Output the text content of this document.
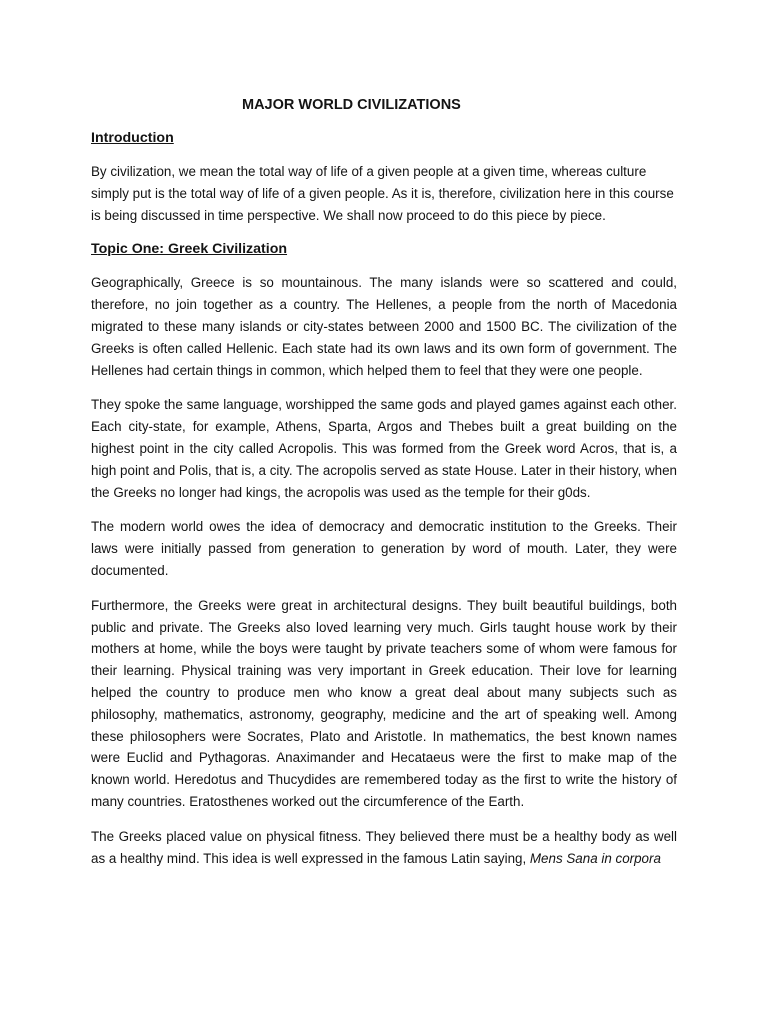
MAJOR WORLD CIVILIZATIONS
Introduction

By civilization, we mean the total way of life of a given people at a given time, whereas culture simply put is the total way of life of a given people. As it is, therefore, civilization here in this course is being discussed in time perspective. We shall now proceed to do this piece by piece.

Topic One: Greek Civilization

Geographically, Greece is so mountainous. The many islands were so scattered and could, therefore, no join together as a country. The Hellenes, a people from the north of Macedonia migrated to these many islands or city-states between 2000 and 1500 BC. The civilization of the Greeks is often called Hellenic. Each state had its own laws and its own form of government. The Hellenes had certain things in common, which helped them to feel that they were one people.

They spoke the same language, worshipped the same gods and played games against each other. Each city-state, for example, Athens, Sparta, Argos and Thebes built a great building on the highest point in the city called Acropolis. This was formed from the Greek word Acros, that is, a high point and Polis, that is, a city. The acropolis served as state House. Later in their history, when the Greeks no longer had kings, the acropolis was used as the temple for their g0ds.

The modern world owes the idea of democracy and democratic institution to the Greeks. Their laws were initially passed from generation to generation by word of mouth. Later, they were documented.

Furthermore, the Greeks were great in architectural designs. They built beautiful buildings, both public and private. The Greeks also loved learning very much. Girls taught house work by their mothers at home, while the boys were taught by private teachers some of whom were famous for their learning. Physical training was very important in Greek education. Their love for learning helped the country to produce men who know a great deal about many subjects such as philosophy, mathematics, astronomy, geography, medicine and the art of speaking well. Among these philosophers were Socrates, Plato and Aristotle. In mathematics, the best known names were Euclid and Pythagoras. Anaximander and Hecataeus were the first to make map of the known world. Heredotus and Thucydides are remembered today as the first to write the history of many countries. Eratosthenes worked out the circumference of the Earth.

The Greeks placed value on physical fitness. They believed there must be a healthy body as well as a healthy mind. This idea is well expressed in the famous Latin saying, Mens Sana in corpora
